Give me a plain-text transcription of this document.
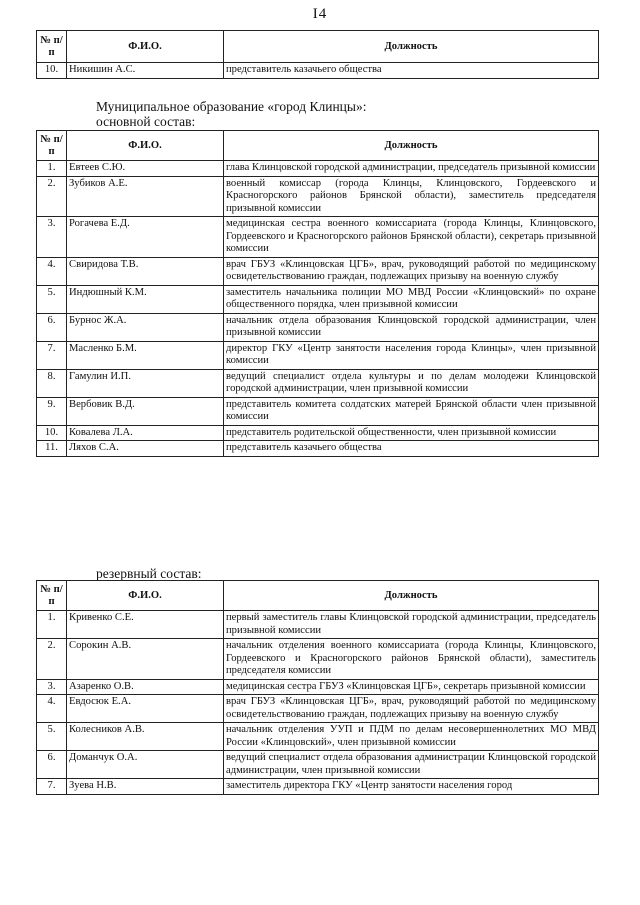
I4
№ п/п	Ф.И.О.	Должность
10.	Никишин А.С.	представитель казачьего общества
Муниципальное образование «город Клинцы»:
основной состав:
№ п/п	Ф.И.О.	Должность
1.	Евтеев С.Ю.	глава Клинцовской городской администрации, председатель призывной комиссии
2.	Зубиков А.Е.	военный комиссар (города Клинцы, Клинцовского, Гордеевского и Красногорского районов Брянской области), заместитель председателя призывной комиссии
3.	Рогачева Е.Д.	медицинская сестра военного комиссариата (города Клинцы, Клинцовского, Гордеевского и Красногорского районов Брянской области), секретарь призывной комиссии
4.	Свиридова Т.В.	врач ГБУЗ «Клинцовская ЦГБ», врач, руководящий работой по медицинскому освидетельствованию граждан, подлежащих призыву на военную службу
5.	Индюшный К.М.	заместитель начальника полиции МО МВД России «Клинцовский» по охране общественного порядка, член призывной комиссии
6.	Бурнос Ж.А.	начальник отдела образования Клинцовской городской администрации, член призывной комиссии
7.	Масленко Б.М.	директор ГКУ «Центр занятости населения города Клинцы», член призывной комиссии
8.	Гамулин И.П.	ведущий специалист отдела культуры и по делам молодежи Клинцовской городской администрации, член призывной комиссии
9.	Вербовик В.Д.	представитель комитета солдатских матерей Брянской области член призывной комиссии
10.	Ковалева Л.А.	представитель родительской общественности, член призывной комиссии
11.	Ляхов С.А.	представитель казачьего общества
резервный состав:
№ п/п	Ф.И.О.	Должность
1.	Кривенко С.Е.	первый заместитель главы Клинцовской городской администрации, председатель призывной комиссии
2.	Сорокин А.В.	начальник отделения военного комиссариата (города Клинцы, Клинцовского, Гордеевского и Красногорского районов Брянской области), заместитель председателя комиссии
3.	Азаренко О.В.	медицинская сестра ГБУЗ «Клинцовская ЦГБ», секретарь призывной комиссии
4.	Евдосюк Е.А.	врач ГБУЗ «Клинцовская ЦГБ», врач, руководящий работой по медицинскому освидетельствованию граждан, подлежащих призыву на военную службу
5.	Колесников А.В.	начальник отделения УУП и ПДМ по делам несовершеннолетних МО МВД России «Клинцовский», член призывной комиссии
6.	Доманчук О.А.	ведущий специалист отдела образования администрации Клинцовской городской администрации, член призывной комиссии
7.	Зуева Н.В.	заместитель директора ГКУ «Центр занятости населения город
